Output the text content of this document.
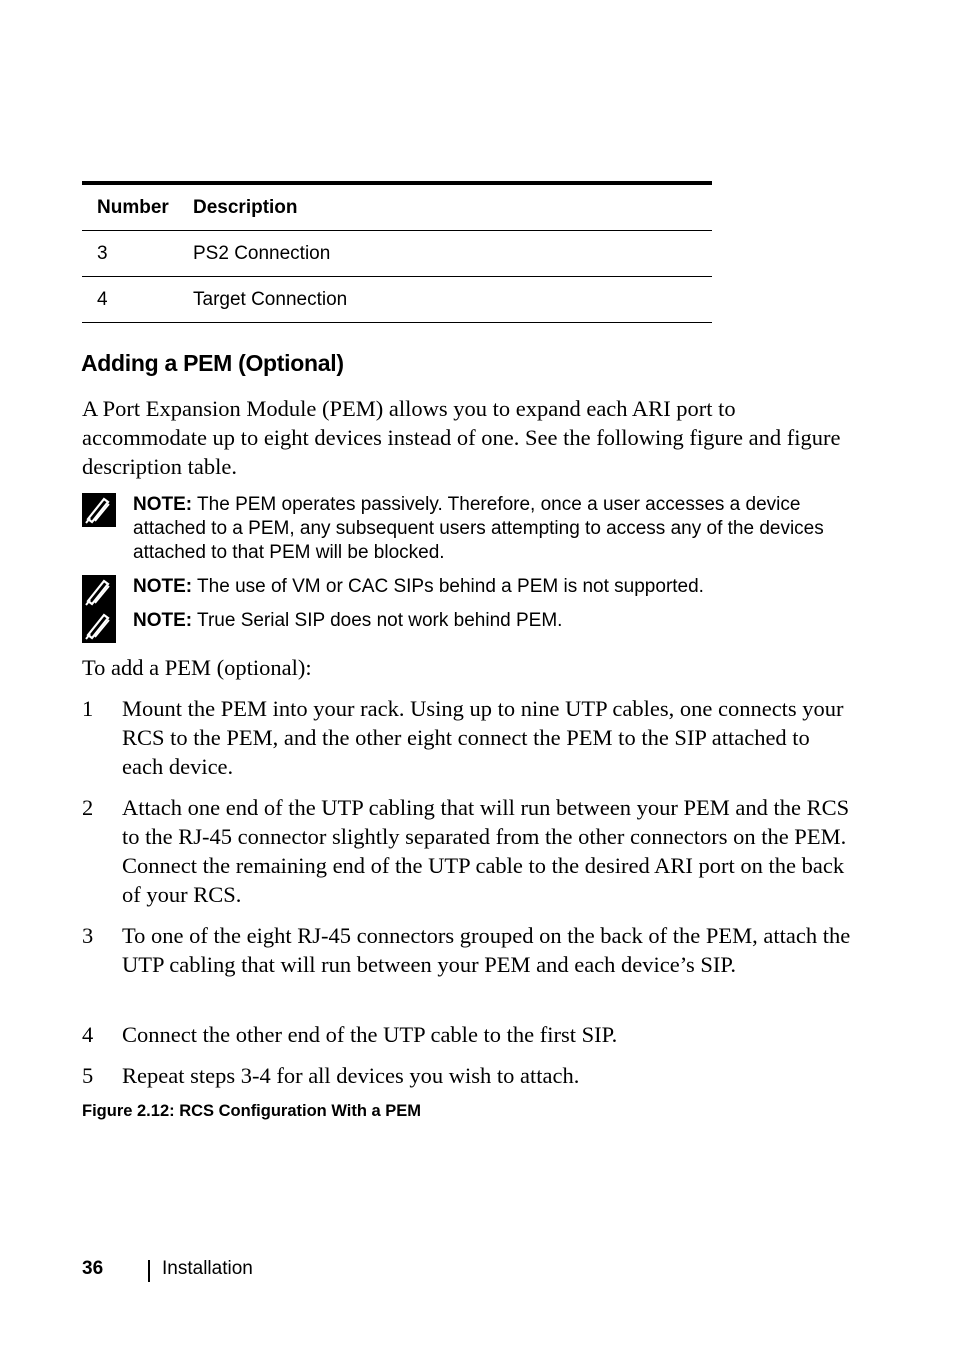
Number	Description
3	PS2 Connection
4	Target Connection
Adding a PEM (Optional)

A Port Expansion Module (PEM) allows you to expand each ARI port to accommodate up to eight devices instead of one. See the following figure and figure description table.

NOTE: The PEM operates passively. Therefore, once a user accesses a device attached to a PEM, any subsequent users attempting to access any of the devices attached to that PEM will be blocked.

NOTE: The use of VM or CAC SIPs behind a PEM is not supported.

NOTE: True Serial SIP does not work behind PEM.

To add a PEM (optional):

1 Mount the PEM into your rack. Using up to nine UTP cables, one connects your RCS to the PEM, and the other eight connect the PEM to the SIP attached to each device.

2 Attach one end of the UTP cabling that will run between your PEM and the RCS to the RJ-45 connector slightly separated from the other connectors on the PEM. Connect the remaining end of the UTP cable to the desired ARI port on the back of your RCS.

3 To one of the eight RJ-45 connectors grouped on the back of the PEM, attach the UTP cabling that will run between your PEM and each device’s SIP.

4 Connect the other end of the UTP cable to the first SIP.

5 Repeat steps 3-4 for all devices you wish to attach.

Figure 2.12: RCS Configuration With a PEM

36	Installation
